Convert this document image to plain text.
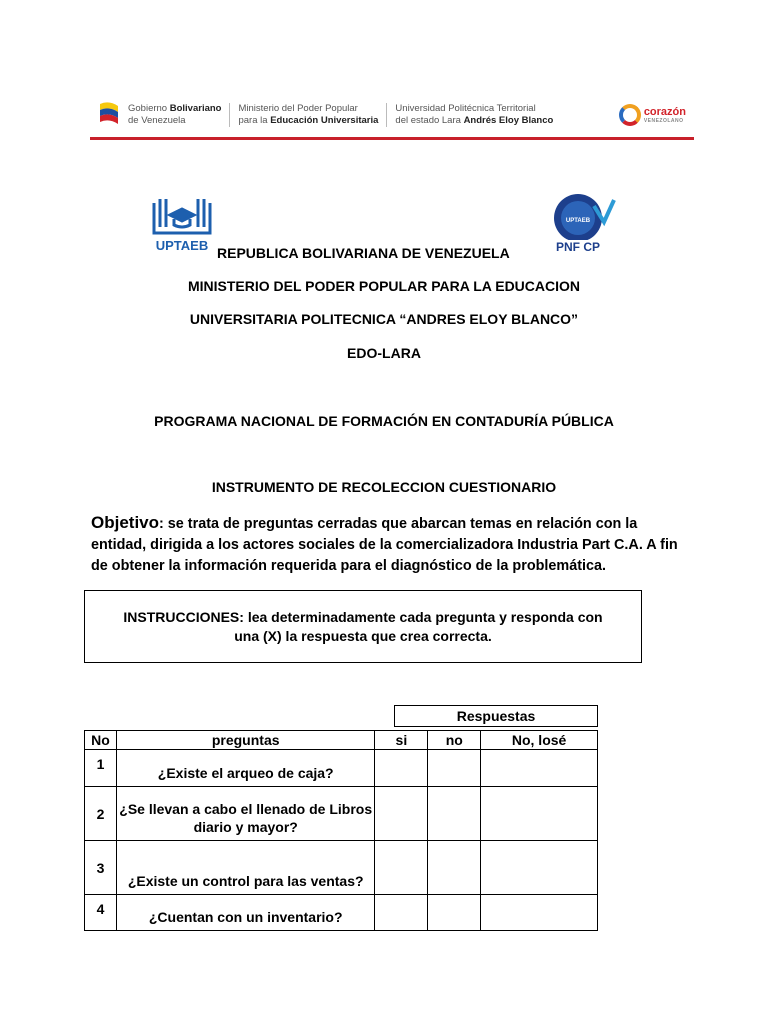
Gobierno Bolivariano
de Venezuela
Ministerio del Poder Popular
para la Educación Universitaria
Universidad Politécnica Territorial
del estado Lara Andrés Eloy Blanco
corazón
VENEZOLANO
UPTAEB
UPTAEB
PNF CP
REPUBLICA BOLIVARIANA DE VENEZUELA
MINISTERIO DEL PODER POPULAR PARA LA EDUCACION
UNIVERSITARIA POLITECNICA “ANDRES ELOY BLANCO”
EDO-LARA
PROGRAMA NACIONAL DE FORMACIÓN EN CONTADURÍA PÚBLICA
INSTRUMENTO DE RECOLECCION CUESTIONARIO
Objetivo: se trata de preguntas cerradas que abarcan temas en relación con la entidad, dirigida a los actores sociales de la comercializadora Industria Part C.A. A fin de obtener la información requerida para el diagnóstico de la problemática.
INSTRUCCIONES: lea determinadamente cada pregunta y responda con
una (X) la respuesta que crea correcta.
Respuestas
No	preguntas	si	no	No, losé
1	¿Existe el arqueo de caja?			
2	¿Se llevan a cabo el llenado de Libros diario y mayor?			
3	¿Existe un control para las ventas?			
4	¿Cuentan con un inventario?			
